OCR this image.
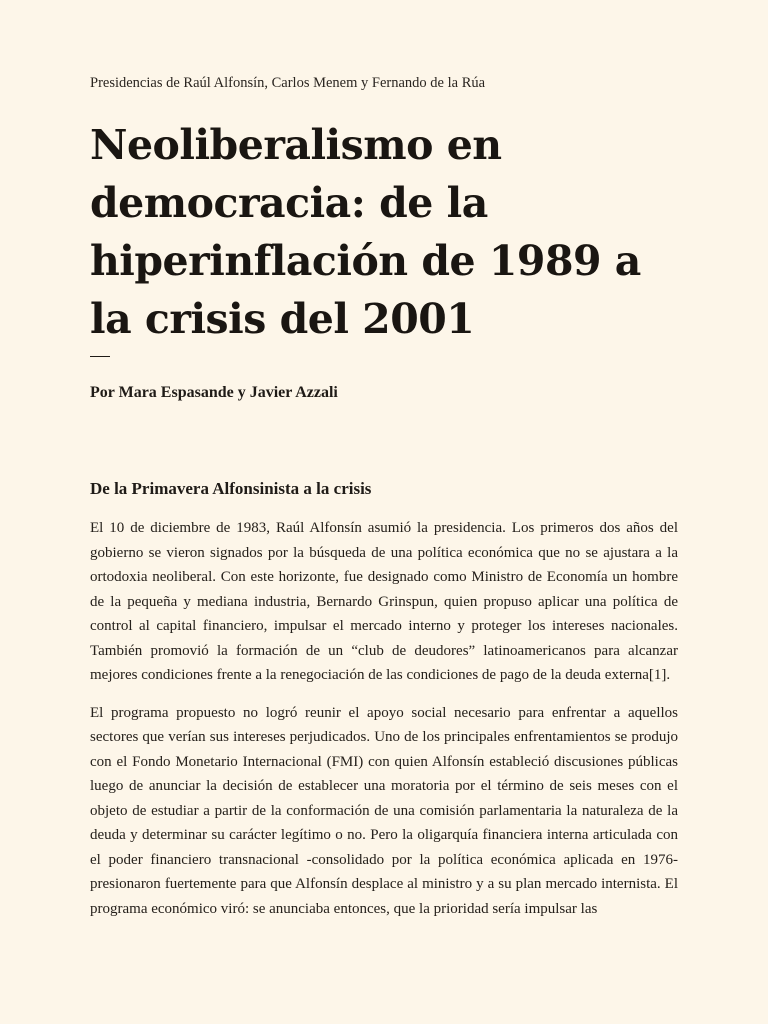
Presidencias de Raúl Alfonsín, Carlos Menem y Fernando de la Rúa
Neoliberalismo en democracia: de la hiperinflación de 1989 a la crisis del 2001
Por Mara Espasande y Javier Azzali
De la Primavera Alfonsinista a la crisis

El 10 de diciembre de 1983, Raúl Alfonsín asumió la presidencia. Los primeros dos años del gobierno se vieron signados por la búsqueda de una política económica que no se ajustara a la ortodoxia neoliberal. Con este horizonte, fue designado como Ministro de Economía un hombre de la pequeña y mediana industria, Bernardo Grinspun, quien propuso aplicar una política de control al capital financiero, impulsar el mercado interno y proteger los intereses nacionales. También promovió la formación de un “club de deudores” latinoamericanos para alcanzar mejores condiciones frente a la renegociación de las condiciones de pago de la deuda externa[1].

El programa propuesto no logró reunir el apoyo social necesario para enfrentar a aquellos sectores que verían sus intereses perjudicados. Uno de los principales enfrentamientos se produjo con el Fondo Monetario Internacional (FMI) con quien Alfonsín estableció discusiones públicas luego de anunciar la decisión de establecer una moratoria por el término de seis meses con el objeto de estudiar a partir de la conformación de una comisión parlamentaria la naturaleza de la deuda y determinar su carácter legítimo o no. Pero la oligarquía financiera interna articulada con el poder financiero transnacional -consolidado por la política económica aplicada en 1976- presionaron fuertemente para que Alfonsín desplace al ministro y a su plan mercado internista. El programa económico viró: se anunciaba entonces, que la prioridad sería impulsar las
